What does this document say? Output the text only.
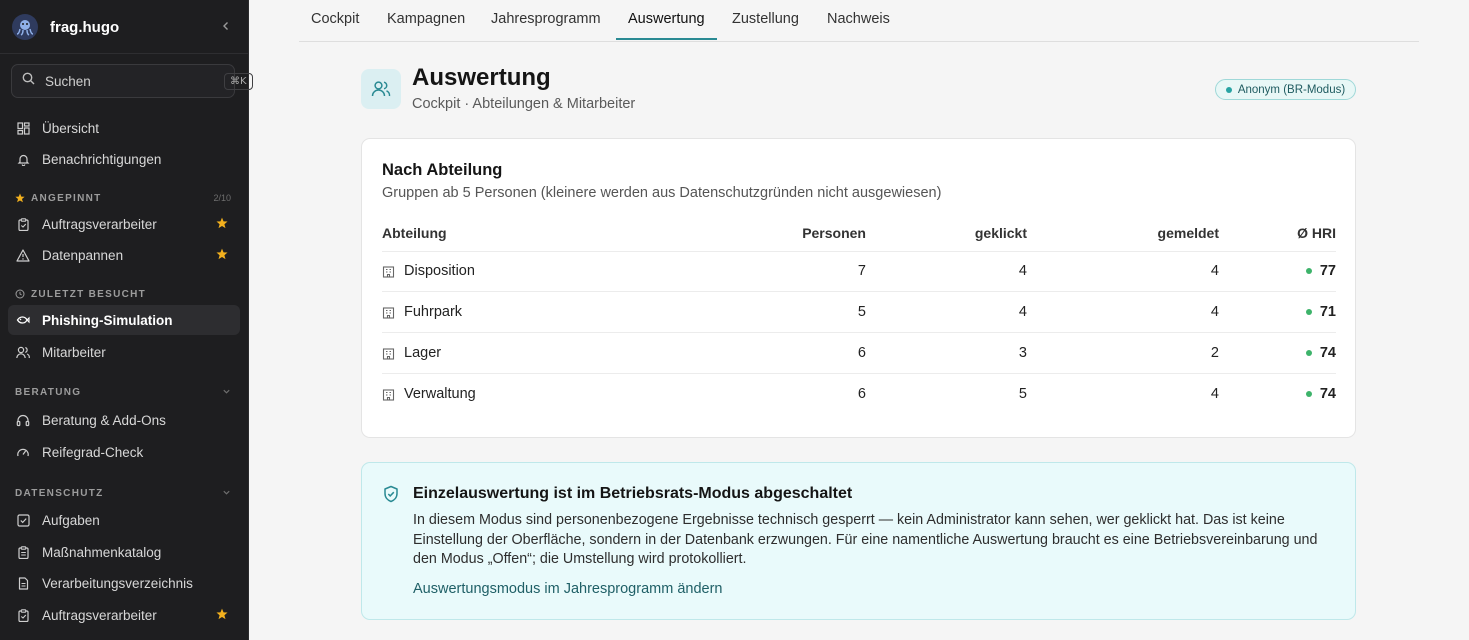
frag.hugo
Suchen
⌘K
Übersicht
Benachrichtigungen
ANGEPINNT	2/10
Auftragsverarbeiter
Datenpannen
ZULETZT BESUCHT
Phishing-Simulation
Mitarbeiter
BERATUNG
Beratung & Add-Ons
Reifegrad-Check
DATENSCHUTZ
Aufgaben
Maßnahmenkatalog
Verarbeitungsverzeichnis
Auftragsverarbeiter
Cockpit	Kampagnen	Jahresprogramm	Auswertung	Zustellung	Nachweis
Auswertung
Cockpit · Abteilungen & Mitarbeiter
Anonym (BR-Modus)
Nach Abteilung
Gruppen ab 5 Personen (kleinere werden aus Datenschutzgründen nicht ausgewiesen)
Abteilung	Personen	geklickt	gemeldet	Ø HRI
Disposition	7	4	4	77
Fuhrpark	5	4	4	71
Lager	6	3	2	74
Verwaltung	6	5	4	74
Einzelauswertung ist im Betriebsrats-Modus abgeschaltet
In diesem Modus sind personenbezogene Ergebnisse technisch gesperrt — kein Administrator kann sehen, wer geklickt hat. Das ist keine Einstellung der Oberfläche, sondern in der Datenbank erzwungen. Für eine namentliche Auswertung braucht es eine Betriebsvereinbarung und den Modus „Offen“; die Umstellung wird protokolliert.
Auswertungsmodus im Jahresprogramm ändern
